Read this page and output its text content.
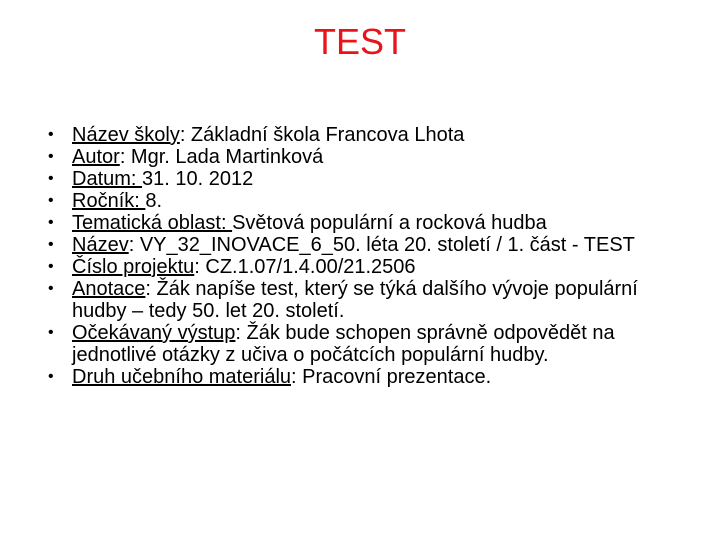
TEST
• Název školy: Základní škola Francova Lhota
• Autor: Mgr. Lada Martinková
• Datum: 31. 10. 2012
• Ročník: 8.
• Tematická oblast: Světová populární a rocková hudba
• Název: VY_32_INOVACE_6_50. léta 20. století / 1. část - TEST
• Číslo projektu: CZ.1.07/1.4.00/21.2506
• Anotace: Žák napíše test, který se týká dalšího vývoje populární hudby – tedy 50. let 20. století.
• Očekávaný výstup: Žák bude schopen správně odpovědět na jednotlivé otázky z učiva o počátcích populární hudby.
• Druh učebního materiálu: Pracovní prezentace.
